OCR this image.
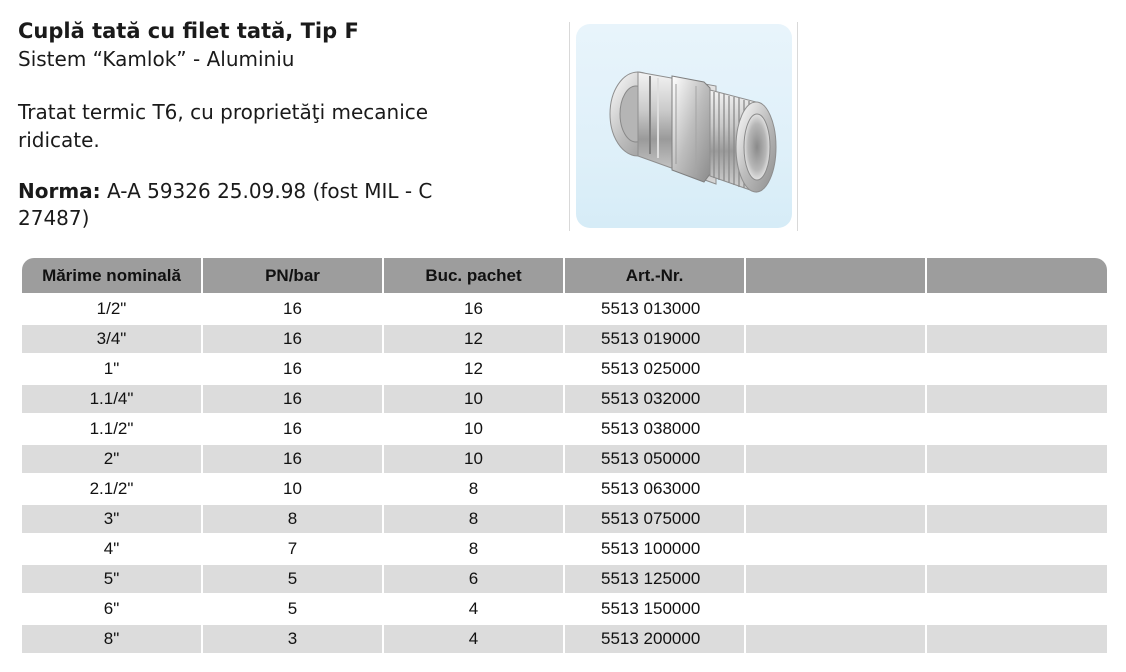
Cuplă tată cu filet tată, Tip F
Sistem “Kamlok” - Aluminiu

Tratat termic T6, cu proprietăţi mecanice ridicate.

Norma: A-A 59326 25.09.98 (fost MIL - C 27487)

Mărime nominală	PN/bar	Buc. pachet	Art.-Nr.		
1/2"	16	16	5513 013000		
3/4"	16	12	5513 019000		
1"	16	12	5513 025000		
1.1/4"	16	10	5513 032000		
1.1/2"	16	10	5513 038000		
2"	16	10	5513 050000		
2.1/2"	10	8	5513 063000		
3"	8	8	5513 075000		
4"	7	8	5513 100000		
5"	5	6	5513 125000		
6"	5	4	5513 150000		
8"	3	4	5513 200000		
